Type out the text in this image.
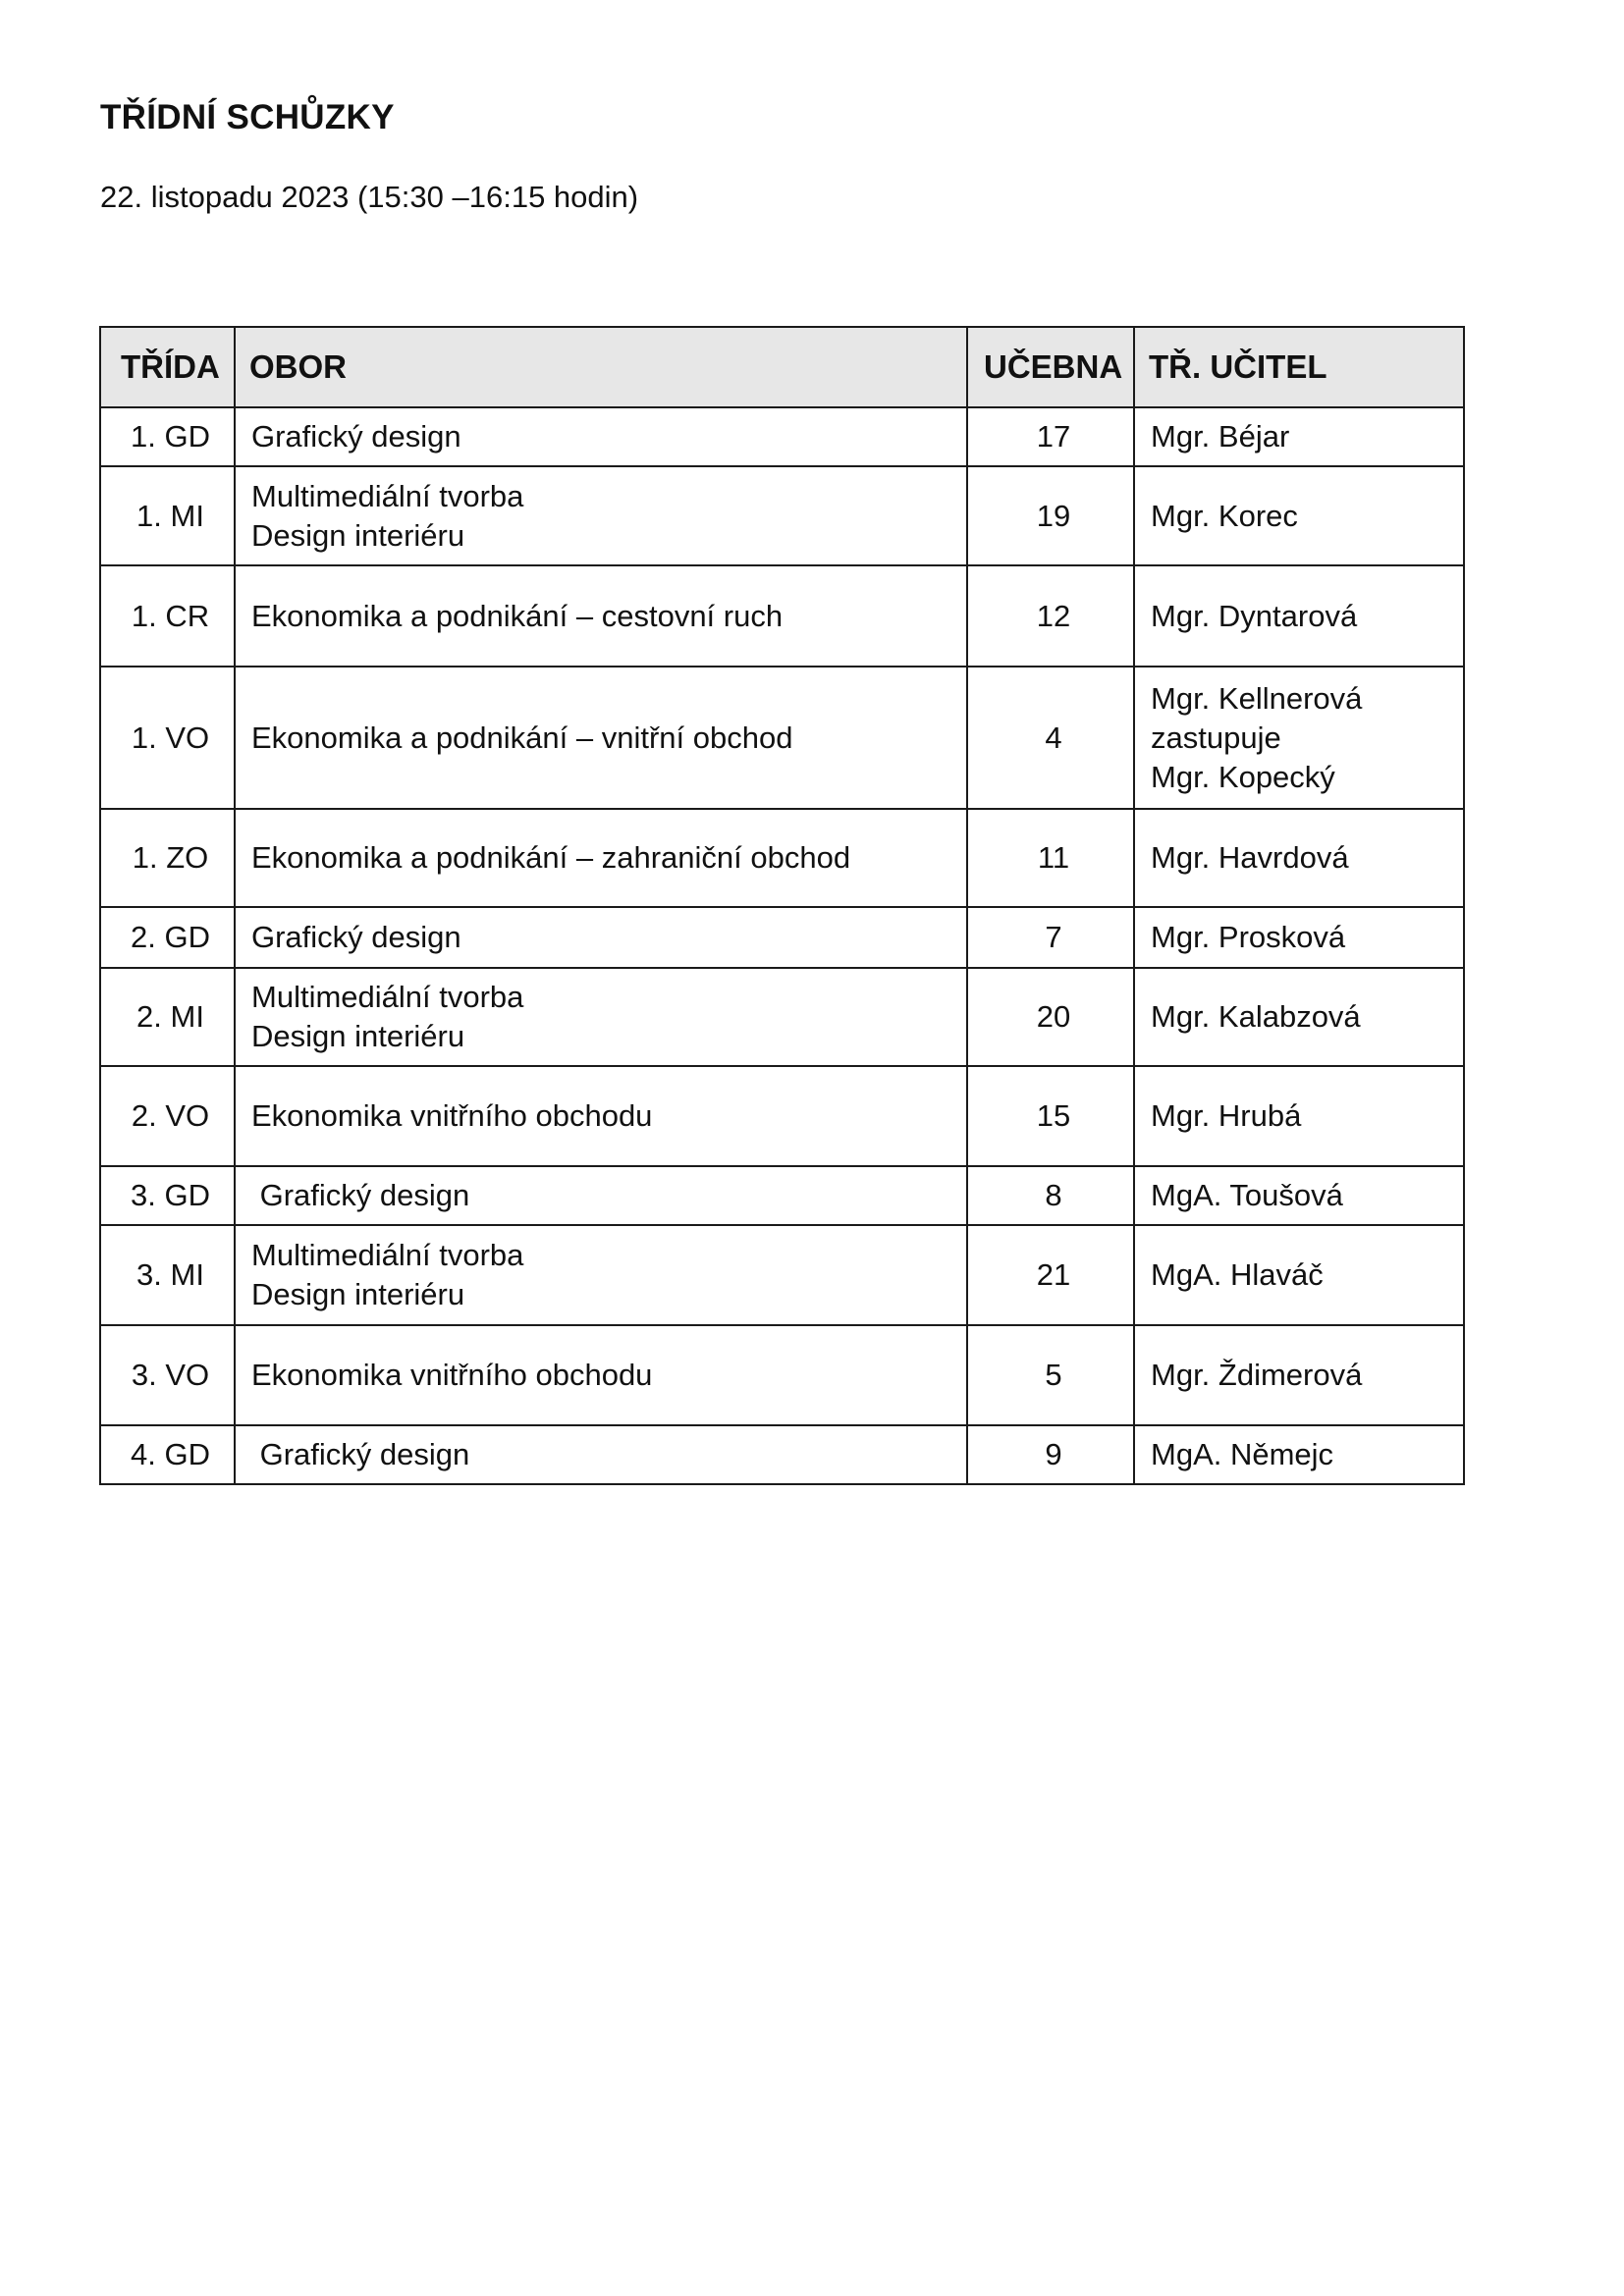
TŘÍDNÍ SCHŮZKY

22. listopadu 2023 (15:30 –16:15 hodin)

TŘÍDA	OBOR	UČEBNA	TŘ. UČITEL
1. GD	Grafický design	17	Mgr. Béjar

1. MI	Multimediální tvorba
Design interiéru	19	Mgr. Korec

1. CR	Ekonomika a podnikání – cestovní ruch	12	Mgr. Dyntarová

1. VO	Ekonomika a podnikání – vnitřní obchod	4	Mgr. Kellnerová
zastupuje
Mgr. Kopecký

1. ZO	Ekonomika a podnikání – zahraniční obchod	11	Mgr. Havrdová

2. GD	Grafický design	7	Mgr. Prosková

2. MI	Multimediální tvorba
Design interiéru	20	Mgr. Kalabzová

2. VO	Ekonomika vnitřního obchodu	15	Mgr. Hrubá

3. GD	Grafický design	8	MgA. Toušová

3. MI	Multimediální tvorba
Design interiéru	21	MgA. Hlaváč

3. VO	Ekonomika vnitřního obchodu	5	Mgr. Ždimerová

4. GD	Grafický design	9	MgA. Němejc
